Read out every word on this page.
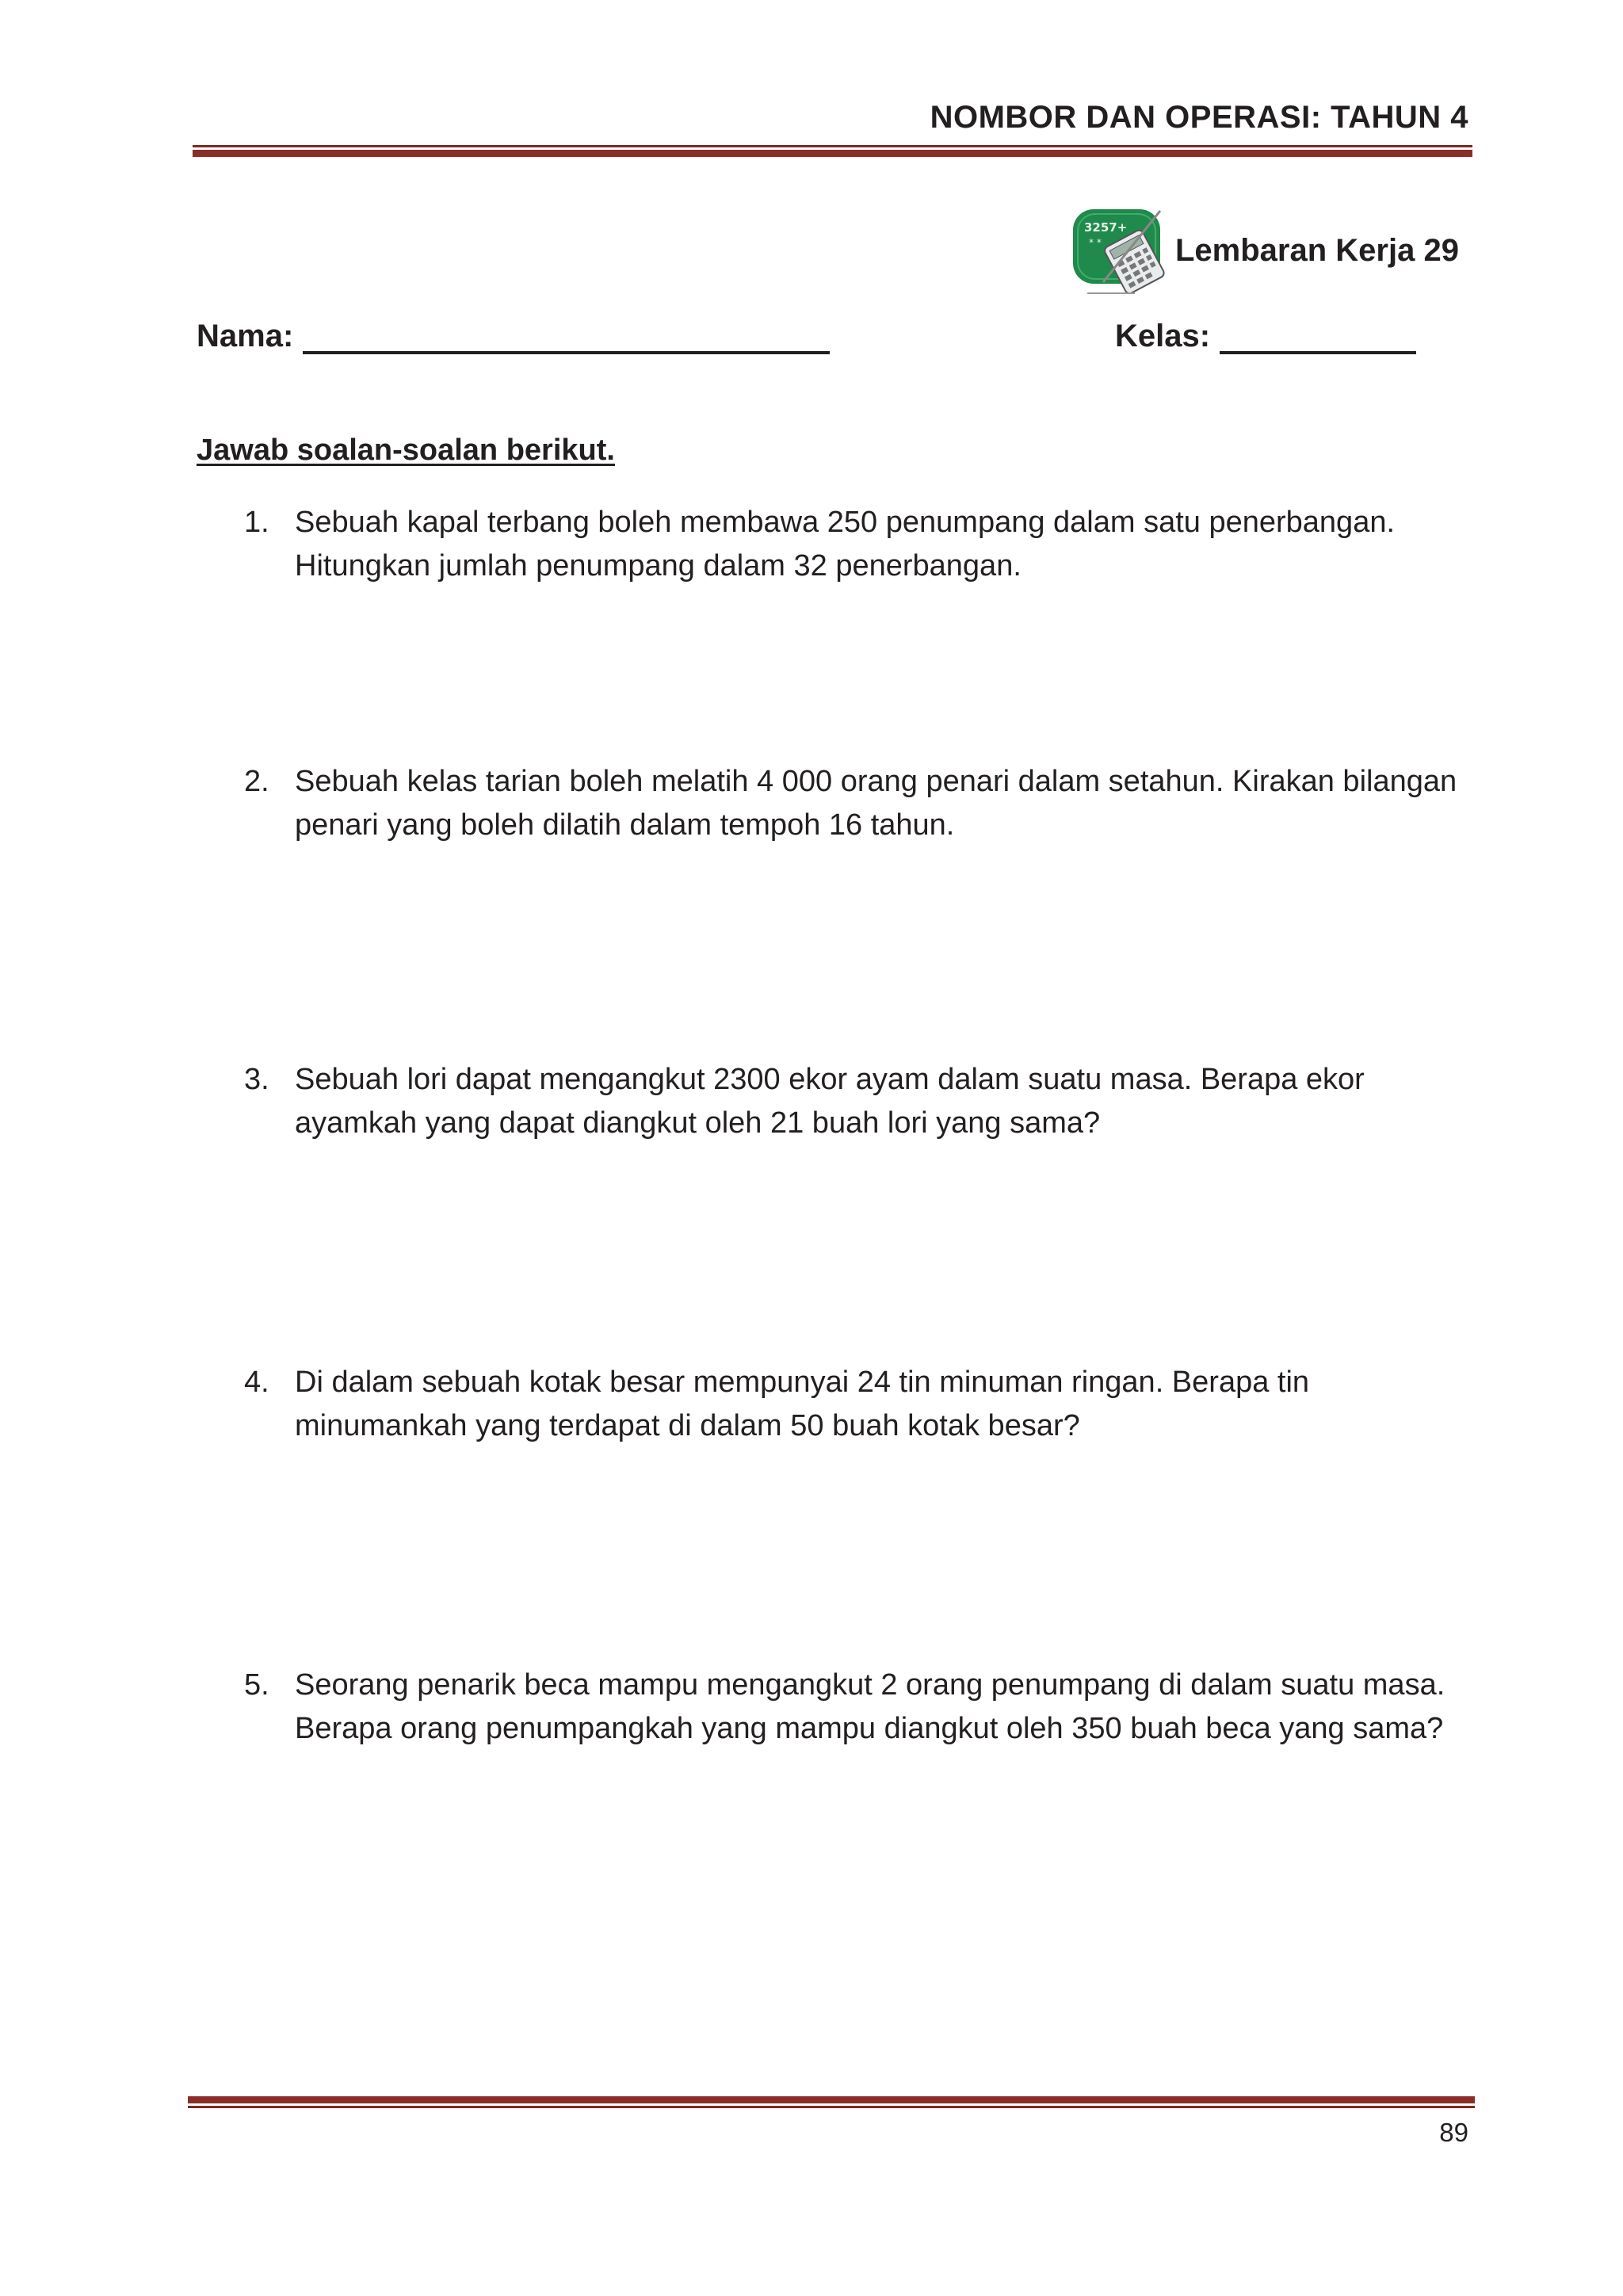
NOMBOR DAN OPERASI: TAHUN 4
3257+
* * Lembaran Kerja 29
Nama:	Kelas:
Jawab soalan-soalan berikut.
1. Sebuah kapal terbang boleh membawa 250 penumpang dalam satu penerbangan. Hitungkan jumlah penumpang dalam 32 penerbangan.
2. Sebuah kelas tarian boleh melatih 4 000 orang penari dalam setahun. Kirakan bilangan penari yang boleh dilatih dalam tempoh 16 tahun.
3. Sebuah lori dapat mengangkut 2300 ekor ayam dalam suatu masa. Berapa ekor ayamkah yang dapat diangkut oleh 21 buah lori yang sama?
4. Di dalam sebuah kotak besar mempunyai 24 tin minuman ringan. Berapa tin minumankah yang terdapat di dalam 50 buah kotak besar?
5. Seorang penarik beca mampu mengangkut 2 orang penumpang di dalam suatu masa. Berapa orang penumpangkah yang mampu diangkut oleh 350 buah beca yang sama?
89
